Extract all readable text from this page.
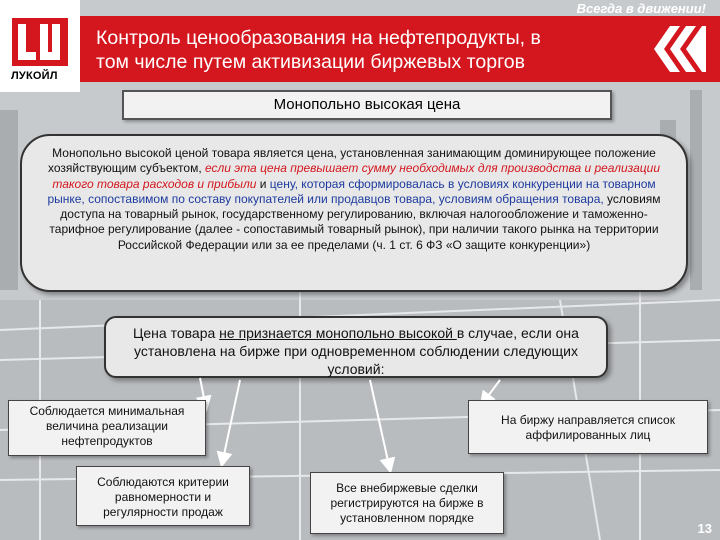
ЛУКОЙЛ
Всегда в движении!
Контроль ценообразования на нефтепродукты, в
том числе путем активизации биржевых торгов
Монопольно высокая цена
Монопольно высокой ценой товара является цена, установленная занимающим доминирующее положение хозяйствующим субъектом, если эта цена превышает сумму необходимых для производства и реализации такого товара расходов и прибыли и цену, которая сформировалась в условиях конкуренции на товарном рынке, сопоставимом по составу покупателей или продавцов товара, условиям обращения товара, условиям доступа на товарный рынок, государственному регулированию, включая налогообложение и таможенно-тарифное регулирование (далее - сопоставимый товарный рынок), при наличии такого рынка на территории Российской Федерации или за ее пределами (ч. 1 ст. 6 ФЗ «О защите конкуренции»)
Цена товара не признается монопольно высокой в случае, если она установлена на бирже при одновременном соблюдении следующих условий:
Соблюдается минимальная величина реализации нефтепродуктов
Соблюдаются критерии равномерности и регулярности продаж
Все внебиржевые сделки регистрируются на бирже в установленном порядке
На биржу направляется список аффилированных лиц
13
